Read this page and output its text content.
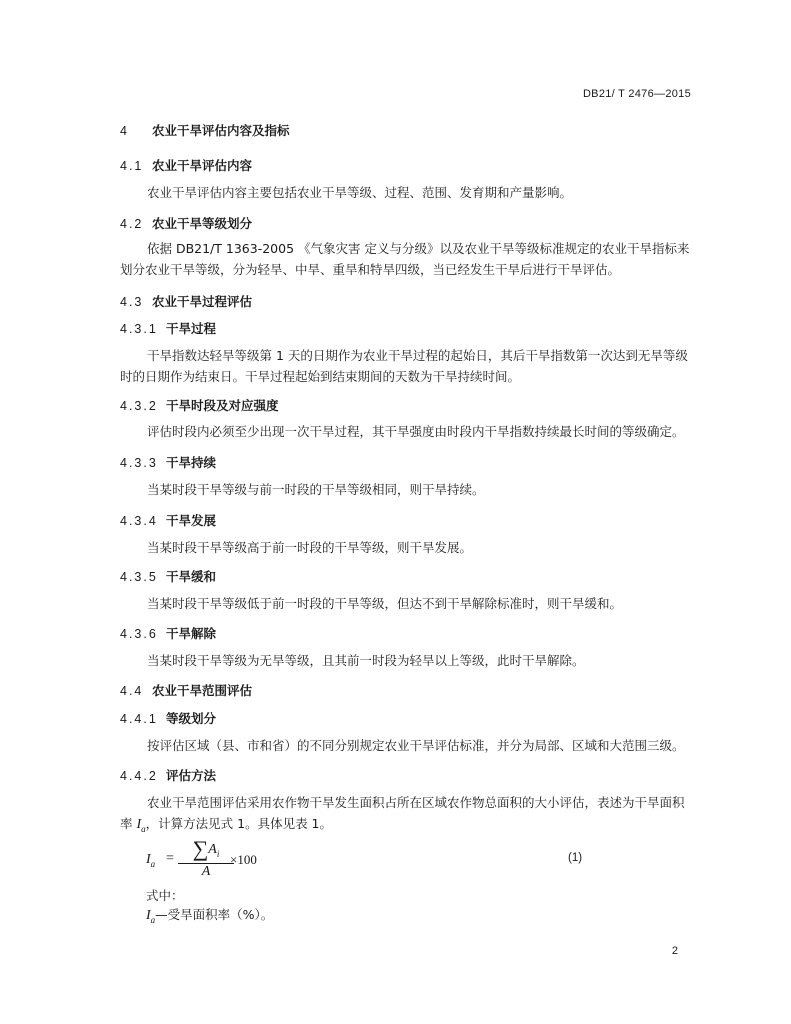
DB21/ T 2476—2015
4 农业干旱评估内容及指标
4.1 农业干旱评估内容
农业干旱评估内容主要包括农业干旱等级、过程、范围、发育期和产量影响。
4.2 农业干旱等级划分
依据 DB21/T 1363-2005 《气象灾害 定义与分级》以及农业干旱等级标准规定的农业干旱指标来划分农业干旱等级，分为轻旱、中旱、重旱和特旱四级，当已经发生干旱后进行干旱评估。
4.3 农业干旱过程评估
4.3.1 干旱过程
干旱指数达轻旱等级第 1 天的日期作为农业干旱过程的起始日，其后干旱指数第一次达到无旱等级时的日期作为结束日。干旱过程起始到结束期间的天数为干旱持续时间。
4.3.2 干旱时段及对应强度
评估时段内必须至少出现一次干旱过程，其干旱强度由时段内干旱指数持续最长时间的等级确定。
4.3.3 干旱持续
当某时段干旱等级与前一时段的干旱等级相同，则干旱持续。
4.3.4 干旱发展
当某时段干旱等级高于前一时段的干旱等级，则干旱发展。
4.3.5 干旱缓和
当某时段干旱等级低于前一时段的干旱等级，但达不到干旱解除标准时，则干旱缓和。
4.3.6 干旱解除
当某时段干旱等级为无旱等级，且其前一时段为轻旱以上等级，此时干旱解除。
4.4 农业干旱范围评估
4.4.1 等级划分
按评估区域（县、市和省）的不同分别规定农业干旱评估标准，并分为局部、区域和大范围三级。
4.4.2 评估方法
农业干旱范围评估采用农作物干旱发生面积占所在区域农作物总面积的大小评估，表述为干旱面积率 $I_a$，计算方法见式 1。具体见表 1。
$I_a = \frac{\sum A_i}{A}$
×100	(1)
式中：
$I_a—$受旱面积率（%）。
2
